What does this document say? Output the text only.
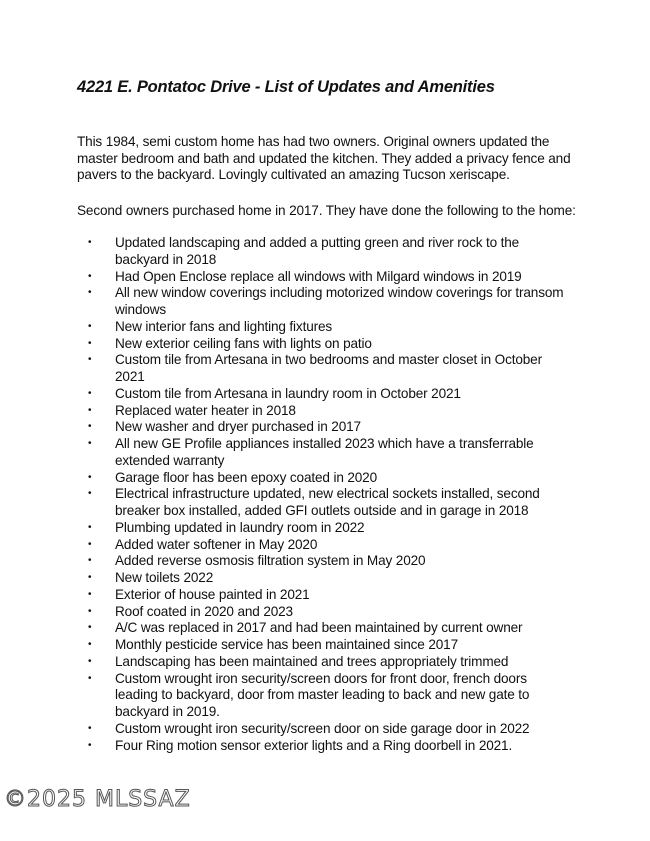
4221 E. Pontatoc Drive - List of Updates and Amenities

This 1984, semi custom home has had two owners. Original owners updated the master bedroom and bath and updated the kitchen. They added a privacy fence and pavers to the backyard. Lovingly cultivated an amazing Tucson xeriscape.

Second owners purchased home in 2017. They have done the following to the home:

• Updated landscaping and added a putting green and river rock to the backyard in 2018
• Had Open Enclose replace all windows with Milgard windows in 2019
• All new window coverings including motorized window coverings for transom windows
• New interior fans and lighting fixtures
• New exterior ceiling fans with lights on patio
• Custom tile from Artesana in two bedrooms and master closet in October 2021
• Custom tile from Artesana in laundry room in October 2021
• Replaced water heater in 2018
• New washer and dryer purchased in 2017
• All new GE Profile appliances installed 2023 which have a transferrable extended warranty
• Garage floor has been epoxy coated in 2020
• Electrical infrastructure updated, new electrical sockets installed, second breaker box installed, added GFI outlets outside and in garage in 2018
• Plumbing updated in laundry room in 2022
• Added water softener in May 2020
• Added reverse osmosis filtration system in May 2020
• New toilets 2022
• Exterior of house painted in 2021
• Roof coated in 2020 and 2023
• A/C was replaced in 2017 and had been maintained by current owner
• Monthly pesticide service has been maintained since 2017
• Landscaping has been maintained and trees appropriately trimmed
• Custom wrought iron security/screen doors for front door, french doors leading to backyard, door from master leading to back and new gate to backyard in 2019.
• Custom wrought iron security/screen door on side garage door in 2022
• Four Ring motion sensor exterior lights and a Ring doorbell in 2021.
©2025 MLSSAZ
